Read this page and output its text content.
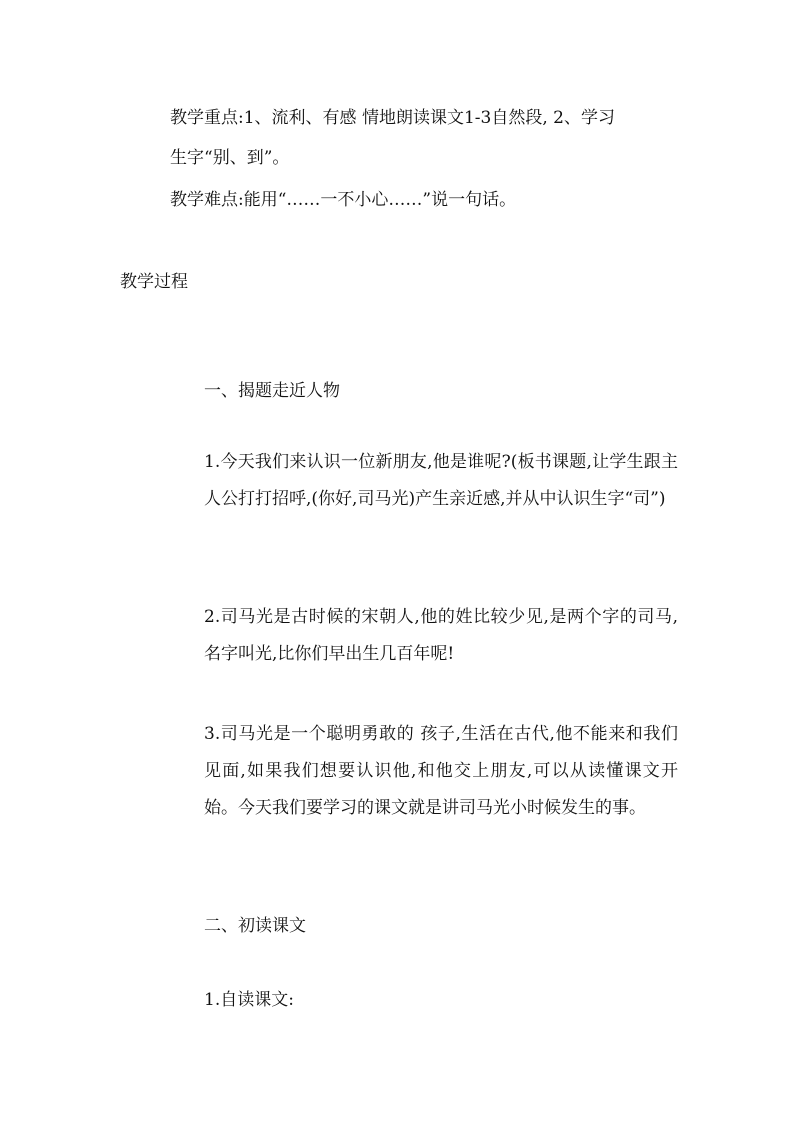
教学重点:1、流利、有感 情地朗读课文1-3自然段, 2、学习

生字“别、到”。

教学难点:能用“……一不小心……”说一句话。

教学过程

一、揭题走近人物

1.今天我们来认识一位新朋友,他是谁呢?(板书课题,让学生跟主人公打打招呼,(你好,司马光)产生亲近感,并从中认识生字“司”)

2.司马光是古时候的宋朝人,他的姓比较少见,是两个字的司马,名字叫光,比你们早出生几百年呢!

3.司马光是一个聪明勇敢的 孩子,生活在古代,他不能来和我们见面,如果我们想要认识他,和他交上朋友,可以从读懂课文开始。今天我们要学习的课文就是讲司马光小时候发生的事。

二、初读课文

1.自读课文:
